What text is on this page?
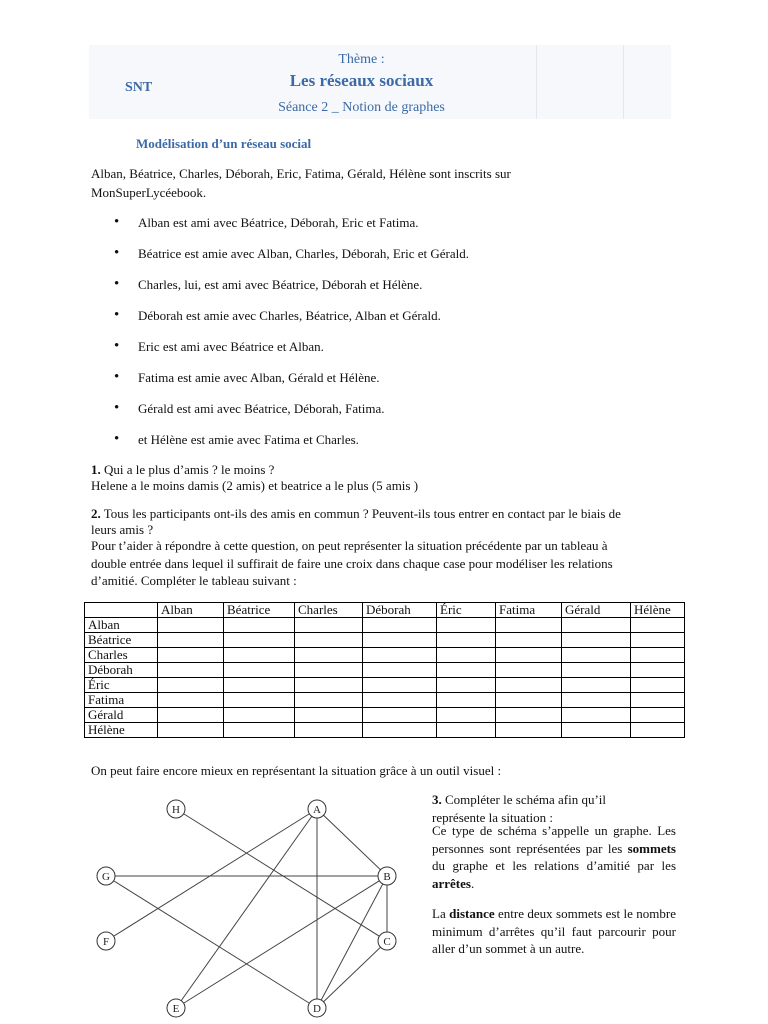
SNT
Thème :
Les réseaux sociaux
Séance 2 _ Notion de graphes
Modélisation d’un réseau social
Alban, Béatrice, Charles, Déborah, Eric, Fatima, Gérald, Hélène sont inscrits sur
MonSuperLycéebook.
• Alban est ami avec Béatrice, Déborah, Eric et Fatima.
• Béatrice est amie avec Alban, Charles, Déborah, Eric et Gérald.
• Charles, lui, est ami avec Béatrice, Déborah et Hélène.
• Déborah est amie avec Charles, Béatrice, Alban et Gérald.
• Eric est ami avec Béatrice et Alban.
• Fatima est amie avec Alban, Gérald et Hélène.
• Gérald est ami avec Béatrice, Déborah, Fatima.
• et Hélène est amie avec Fatima et Charles.
1. Qui a le plus d’amis ? le moins ?
Helene a le moins damis (2 amis) et beatrice a le plus (5 amis )
2. Tous les participants ont-ils des amis en commun ? Peuvent-ils tous entrer en contact par le biais de
leurs amis ?
Pour t’aider à répondre à cette question, on peut représenter la situation précédente par un tableau à
double entrée dans lequel il suffirait de faire une croix dans chaque case pour modéliser les relations
d’amitié. Compléter le tableau suivant :
	Alban	Béatrice	Charles	Déborah	Éric	Fatima	Gérald	Hélène
Alban								
Béatrice								
Charles								
Déborah								
Éric								
Fatima								
Gérald								
Hélène								
On peut faire encore mieux en représentant la situation grâce à un outil visuel :
H	A
G	B
F	C
E	D
3. Compléter le schéma afin qu’il
représente la situation :
Ce type de schéma s’appelle un graphe. Les personnes sont représentées par les sommets du graphe et les relations d’amitié par les arrêtes.
La distance entre deux sommets est le nombre minimum d’arrêtes qu’il faut parcourir pour aller d’un sommet à un autre.
